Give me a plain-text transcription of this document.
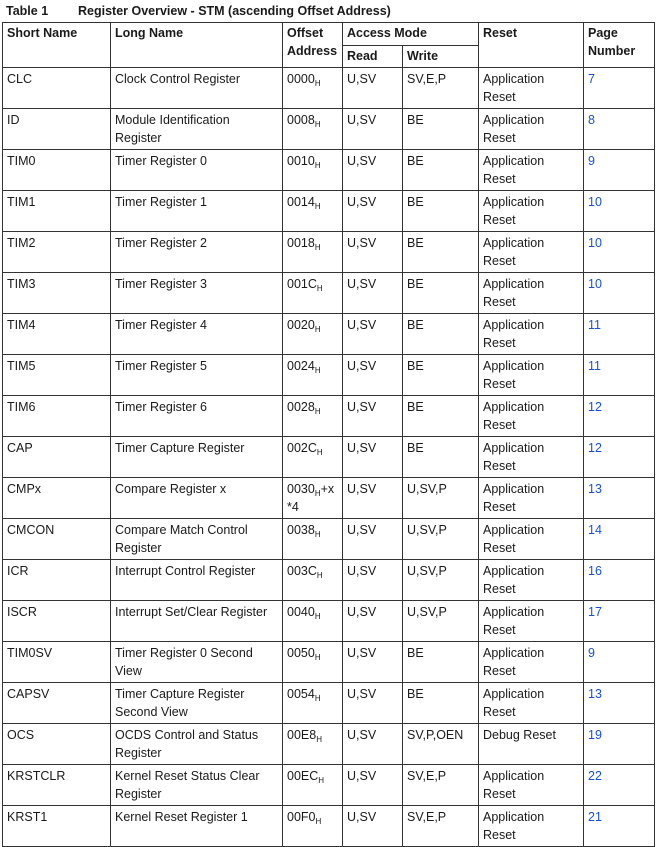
Table 1 Register Overview - STM (ascending Offset Address)
Short Name	Long Name	Offset Address	Access Mode		Reset	Page Number
			Read	Write		
CLC	Clock Control Register	$0000_H$	U,SV	SV,E,P	Application Reset	7
ID	Module Identification Register	$0008_H$	U,SV	BE	Application Reset	8
TIM0	Timer Register 0	$0010_H$	U,SV	BE	Application Reset	9
TIM1	Timer Register 1	$0014_H$	U,SV	BE	Application Reset	10
TIM2	Timer Register 2	$0018_H$	U,SV	BE	Application Reset	10
TIM3	Timer Register 3	$001C_H$	U,SV	BE	Application Reset	10
TIM4	Timer Register 4	$0020_H$	U,SV	BE	Application Reset	11
TIM5	Timer Register 5	$0024_H$	U,SV	BE	Application Reset	11
TIM6	Timer Register 6	$0028_H$	U,SV	BE	Application Reset	12
CAP	Timer Capture Register	$002C_H$	U,SV	BE	Application Reset	12
CMPx	Compare Register x	$0030_H+x$ *4	U,SV	U,SV,P	Application Reset	13
CMCON	Compare Match Control Register	$0038_H$	U,SV	U,SV,P	Application Reset	14
ICR	Interrupt Control Register	$003C_H$	U,SV	U,SV,P	Application Reset	16
ISCR	Interrupt Set/Clear Register	$0040_H$	U,SV	U,SV,P	Application Reset	17
TIM0SV	Timer Register 0 Second View	$0050_H$	U,SV	BE	Application Reset	9
CAPSV	Timer Capture Register Second View	$0054_H$	U,SV	BE	Application Reset	13
OCS	OCDS Control and Status Register	$00E8_H$	U,SV	SV,P,OEN	Debug Reset	19
KRSTCLR	Kernel Reset Status Clear Register	$00EC_H$	U,SV	SV,E,P	Application Reset	22
KRST1	Kernel Reset Register 1	$00F0_H$	U,SV	SV,E,P	Application Reset	21
